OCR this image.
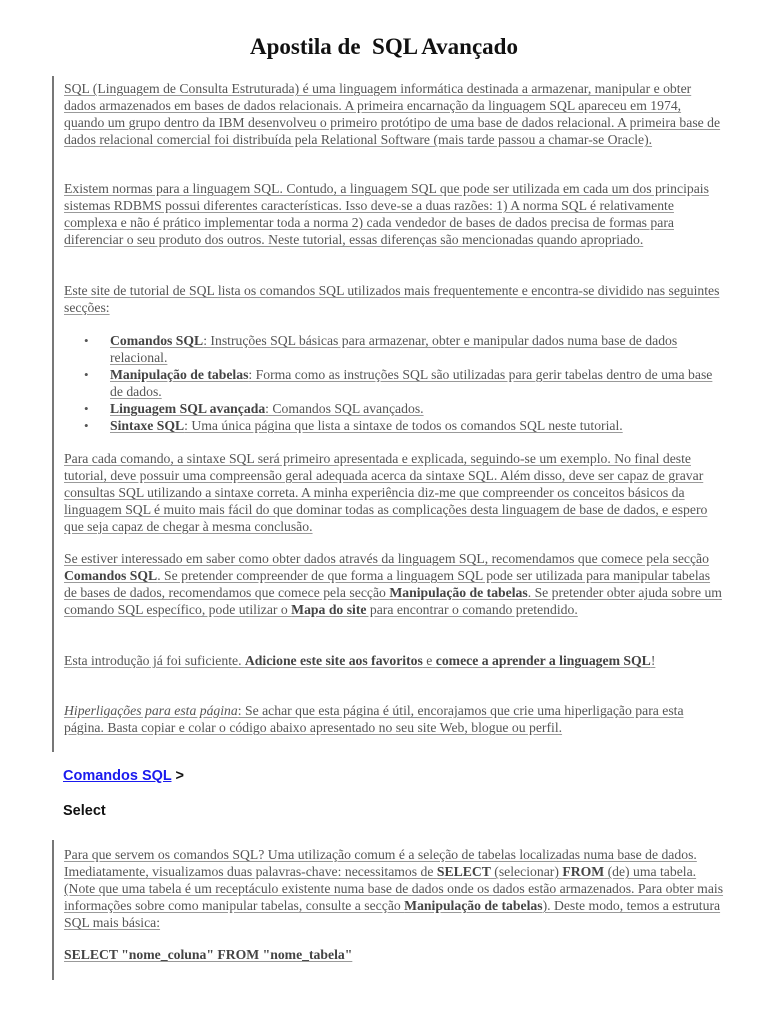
Apostila de  SQL Avançado

SQL (Linguagem de Consulta Estruturada) é uma linguagem informática destinada a armazenar, manipular e obter dados armazenados em bases de dados relacionais. A primeira encarnação da linguagem SQL apareceu em 1974, quando um grupo dentro da IBM desenvolveu o primeiro protótipo de uma base de dados relacional. A primeira base de dados relacional comercial foi distribuída pela Relational Software (mais tarde passou a chamar-se Oracle).

Existem normas para a linguagem SQL. Contudo, a linguagem SQL que pode ser utilizada em cada um dos principais sistemas RDBMS possui diferentes características. Isso deve-se a duas razões: 1) A norma SQL é relativamente complexa e não é prático implementar toda a norma 2) cada vendedor de bases de dados precisa de formas para diferenciar o seu produto dos outros. Neste tutorial, essas diferenças são mencionadas quando apropriado.

Este site de tutorial de SQL lista os comandos SQL utilizados mais frequentemente e encontra-se dividido nas seguintes secções:

• Comandos SQL: Instruções SQL básicas para armazenar, obter e manipular dados numa base de dados relacional.
• Manipulação de tabelas: Forma como as instruções SQL são utilizadas para gerir tabelas dentro de uma base de dados.
• Linguagem SQL avançada: Comandos SQL avançados.
• Sintaxe SQL: Uma única página que lista a sintaxe de todos os comandos SQL neste tutorial.

Para cada comando, a sintaxe SQL será primeiro apresentada e explicada, seguindo-se um exemplo. No final deste tutorial, deve possuir uma compreensão geral adequada acerca da sintaxe SQL. Além disso, deve ser capaz de gravar consultas SQL utilizando a sintaxe correta. A minha experiência diz-me que compreender os conceitos básicos da linguagem SQL é muito mais fácil do que dominar todas as complicações desta linguagem de base de dados, e espero que seja capaz de chegar à mesma conclusão.

Se estiver interessado em saber como obter dados através da linguagem SQL, recomendamos que comece pela secção Comandos SQL. Se pretender compreender de que forma a linguagem SQL pode ser utilizada para manipular tabelas de bases de dados, recomendamos que comece pela secção Manipulação de tabelas. Se pretender obter ajuda sobre um comando SQL específico, pode utilizar o Mapa do site para encontrar o comando pretendido.

Esta introdução já foi suficiente. Adicione este site aos favoritos e comece a aprender a linguagem SQL!

Hiperligações para esta página: Se achar que esta página é útil, encorajamos que crie uma hiperligação para esta página. Basta copiar e colar o código abaixo apresentado no seu site Web, blogue ou perfil.

Comandos SQL >
Select

Para que servem os comandos SQL? Uma utilização comum é a seleção de tabelas localizadas numa base de dados. Imediatamente, visualizamos duas palavras-chave: necessitamos de SELECT (selecionar) FROM (de) uma tabela. (Note que uma tabela é um receptáculo existente numa base de dados onde os dados estão armazenados. Para obter mais informações sobre como manipular tabelas, consulte a secção Manipulação de tabelas). Deste modo, temos a estrutura SQL mais básica:

SELECT "nome_coluna" FROM "nome_tabela"
